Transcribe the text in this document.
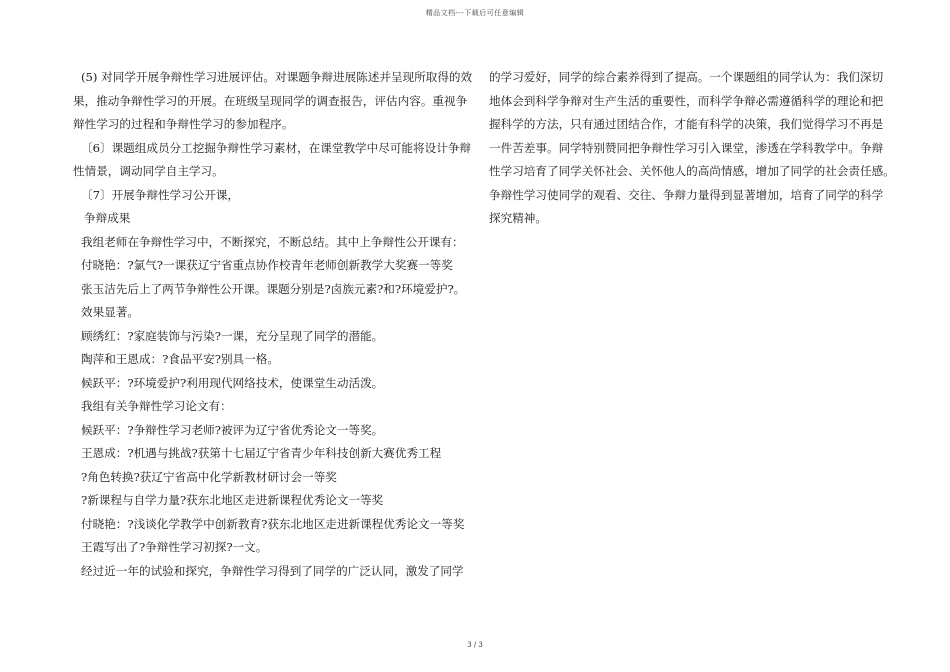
精品文档---下载后可任意编辑
(5) 对同学开展争辩性学习进展评估。对课题争辩进展陈述并呈现所取得的效
果，推动争辩性学习的开展。在班级呈现同学的调查报告，评估内容。重视争
辩性学习的过程和争辩性学习的参加程序。
〔6〕课题组成员分工挖掘争辩性学习素材，在课堂教学中尽可能将设计争辩
性情景，调动同学自主学习。
〔7〕开展争辩性学习公开课，
争辩成果
我组老师在争辩性学习中，不断探究，不断总结。其中上争辩性公开课有：
付晓艳：?氯气?一课获辽宁省重点协作校青年老师创新教学大奖赛一等奖
张玉洁先后上了两节争辩性公开课。课题分别是?卤族元素?和?环境爱护?。
效果显著。
顾绣红：?家庭装饰与污染?一课，充分呈现了同学的潜能。
陶萍和王恩成：?食品平安?别具一格。
候跃平：?环境爱护?利用现代网络技术，使课堂生动活泼。
我组有关争辩性学习论文有：
候跃平：?争辩性学习老师?被评为辽宁省优秀论文一等奖。
王恩成：?机遇与挑战?获第十七届辽宁省青少年科技创新大赛优秀工程
?角色转换?获辽宁省高中化学新教材研讨会一等奖
?新课程与自学力量?获东北地区走进新课程优秀论文一等奖
付晓艳：?浅谈化学教学中创新教育?获东北地区走进新课程优秀论文一等奖
王霞写出了?争辩性学习初探?一文。
经过近一年的试验和探究，争辩性学习得到了同学的广泛认同，激发了同学
的学习爱好，同学的综合素养得到了提高。一个课题组的同学认为：我们深切
地体会到科学争辩对生产生活的重要性，而科学争辩必需遵循科学的理论和把
握科学的方法，只有通过团结合作，才能有科学的决策，我们觉得学习不再是
一件苦差事。同学特别赞同把争辩性学习引入课堂，渗透在学科教学中。争辩
性学习培育了同学关怀社会、关怀他人的高尚情感，增加了同学的社会责任感。
争辩性学习使同学的观看、交往、争辩力量得到显著增加，培育了同学的科学
探究精神。
3 / 3
